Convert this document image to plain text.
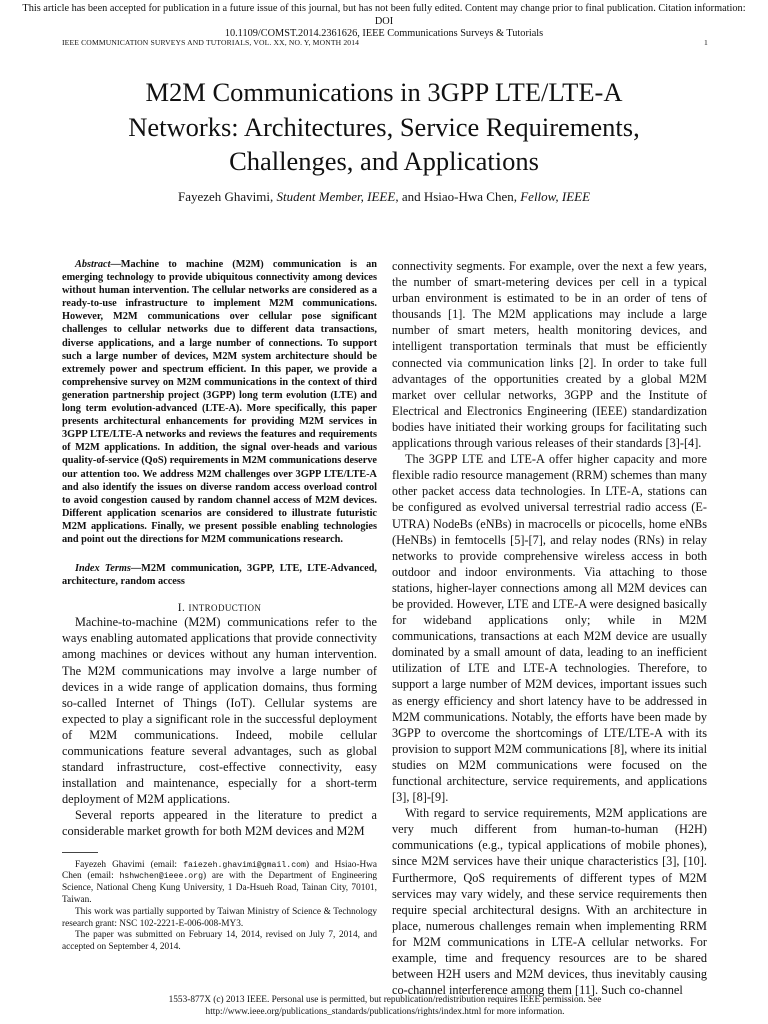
This article has been accepted for publication in a future issue of this journal, but has not been fully edited. Content may change prior to final publication. Citation information: DOI
10.1109/COMST.2014.2361626, IEEE Communications Surveys & Tutorials
IEEE COMMUNICATION SURVEYS AND TUTORIALS, VOL. XX, NO. Y, MONTH 2014	1
M2M Communications in 3GPP LTE/LTE-A
Networks: Architectures, Service Requirements,
Challenges, and Applications
Fayezeh Ghavimi, Student Member, IEEE, and Hsiao-Hwa Chen, Fellow, IEEE

Abstract—Machine to machine (M2M) communication is an emerging technology to provide ubiquitous connectivity among devices without human intervention. The cellular networks are considered as a ready-to-use infrastructure to implement M2M communications. However, M2M communications over cellular pose significant challenges to cellular networks due to different data transactions, diverse applications, and a large number of connections. To support such a large number of devices, M2M system architecture should be extremely power and spectrum efficient. In this paper, we provide a comprehensive survey on M2M communications in the context of third generation partnership project (3GPP) long term evolution (LTE) and long term evolution-advanced (LTE-A). More specifically, this paper presents architectural enhancements for providing M2M services in 3GPP LTE/LTE-A networks and reviews the features and requirements of M2M applications. In addition, the signal over-heads and various quality-of-service (QoS) requirements in M2M communications deserve our attention too. We address M2M challenges over 3GPP LTE/LTE-A and also identify the issues on diverse random access overload control to avoid congestion caused by random channel access of M2M devices. Different application scenarios are considered to illustrate futuristic M2M applications. Finally, we present possible enabling technologies and point out the directions for M2M communications research.

Index Terms—M2M communication, 3GPP, LTE, LTE-Advanced, architecture, random access

I. INTRODUCTION

Machine-to-machine (M2M) communications refer to the ways enabling automated applications that provide connectivity among machines or devices without any human intervention. The M2M communications may involve a large number of devices in a wide range of application domains, thus forming so-called Internet of Things (IoT). Cellular systems are expected to play a significant role in the successful deployment of M2M communications. Indeed, mobile cellular communications feature several advantages, such as global standard infrastructure, cost-effective connectivity, easy installation and maintenance, especially for a short-term deployment of M2M applications.

Several reports appeared in the literature to predict a considerable market growth for both M2M devices and M2M

Fayezeh Ghavimi (email: faiezeh.ghavimi@gmail.com) and Hsiao-Hwa Chen (email: hshwchen@ieee.org) are with the Department of Engineering Science, National Cheng Kung University, 1 Da-Hsueh Road, Tainan City, 70101, Taiwan.

This work was partially supported by Taiwan Ministry of Science & Technology research grant: NSC 102-2221-E-006-008-MY3.

The paper was submitted on February 14, 2014, revised on July 7, 2014, and accepted on September 4, 2014.

connectivity segments. For example, over the next a few years, the number of smart-metering devices per cell in a typical urban environment is estimated to be in an order of tens of thousands [1]. The M2M applications may include a large number of smart meters, health monitoring devices, and intelligent transportation terminals that must be efficiently connected via communication links [2]. In order to take full advantages of the opportunities created by a global M2M market over cellular networks, 3GPP and the Institute of Electrical and Electronics Engineering (IEEE) standardization bodies have initiated their working groups for facilitating such applications through various releases of their standards [3]-[4].

The 3GPP LTE and LTE-A offer higher capacity and more flexible radio resource management (RRM) schemes than many other packet access data technologies. In LTE-A, stations can be configured as evolved universal terrestrial radio access (E-UTRA) NodeBs (eNBs) in macrocells or picocells, home eNBs (HeNBs) in femtocells [5]-[7], and relay nodes (RNs) in relay networks to provide comprehensive wireless access in both outdoor and indoor environments. Via attaching to those stations, higher-layer connections among all M2M devices can be provided. However, LTE and LTE-A were designed basically for wideband applications only; while in M2M communications, transactions at each M2M device are usually dominated by a small amount of data, leading to an inefficient utilization of LTE and LTE-A technologies. Therefore, to support a large number of M2M devices, important issues such as energy efficiency and short latency have to be addressed in M2M communications. Notably, the efforts have been made by 3GPP to overcome the shortcomings of LTE/LTE-A with its provision to support M2M communications [8], where its initial studies on M2M communications were focused on the functional architecture, service requirements, and applications [3], [8]-[9].

With regard to service requirements, M2M applications are very much different from human-to-human (H2H) communications (e.g., typical applications of mobile phones), since M2M services have their unique characteristics [3], [10]. Furthermore, QoS requirements of different types of M2M services may vary widely, and these service requirements then require special architectural designs. With an architecture in place, numerous challenges remain when implementing RRM for M2M communications in LTE-A cellular networks. For example, time and frequency resources are to be shared between H2H users and M2M devices, thus inevitably causing co-channel interference among them [11]. Such co-channel

1553-877X (c) 2013 IEEE. Personal use is permitted, but republication/redistribution requires IEEE permission. See
http://www.ieee.org/publications_standards/publications/rights/index.html for more information.
